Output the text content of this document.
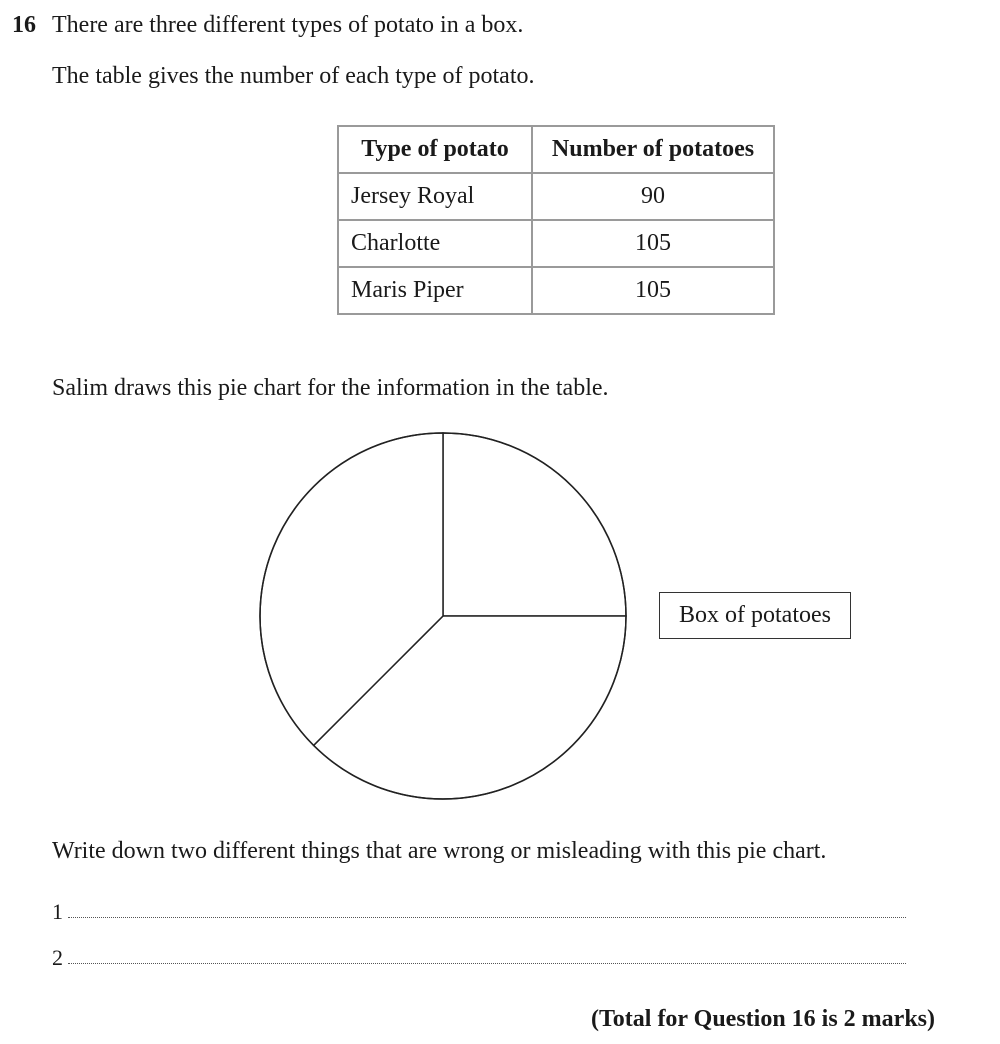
16 There are three different types of potato in a box.
The table gives the number of each type of potato.
Type of potato	Number of potatoes
Jersey Royal	90
Charlotte	105
Maris Piper	105
Salim draws this pie chart for the information in the table.
Box of potatoes
Write down two different things that are wrong or misleading with this pie chart.
1
2
(Total for Question 16 is 2 marks)
